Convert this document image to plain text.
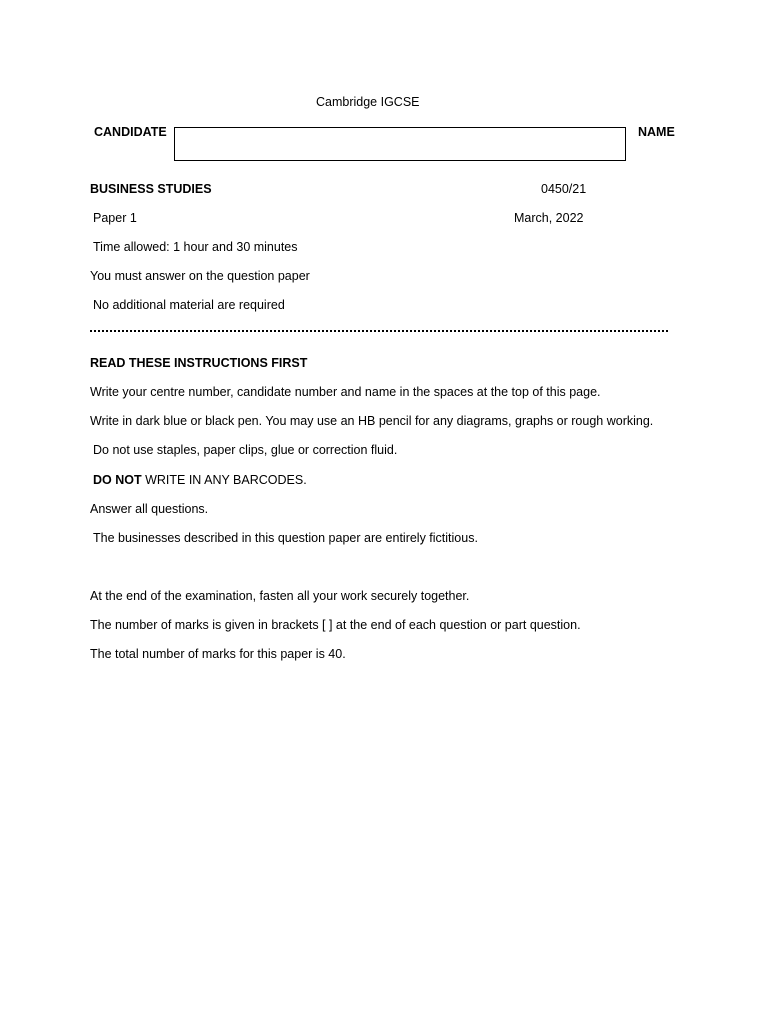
Cambridge IGCSE
CANDIDATE	NAME
BUSINESS STUDIES	0450/21
Paper 1	March, 2022
Time allowed: 1 hour and 30 minutes
You must answer on the question paper
No additional material are required
READ THESE INSTRUCTIONS FIRST
Write your centre number, candidate number and name in the spaces at the top of this page.
Write in dark blue or black pen. You may use an HB pencil for any diagrams, graphs or rough working.
Do not use staples, paper clips, glue or correction fluid.
DO NOT WRITE IN ANY BARCODES.
Answer all questions.
The businesses described in this question paper are entirely fictitious.
At the end of the examination, fasten all your work securely together.
The number of marks is given in brackets [ ] at the end of each question or part question.
The total number of marks for this paper is 40.
